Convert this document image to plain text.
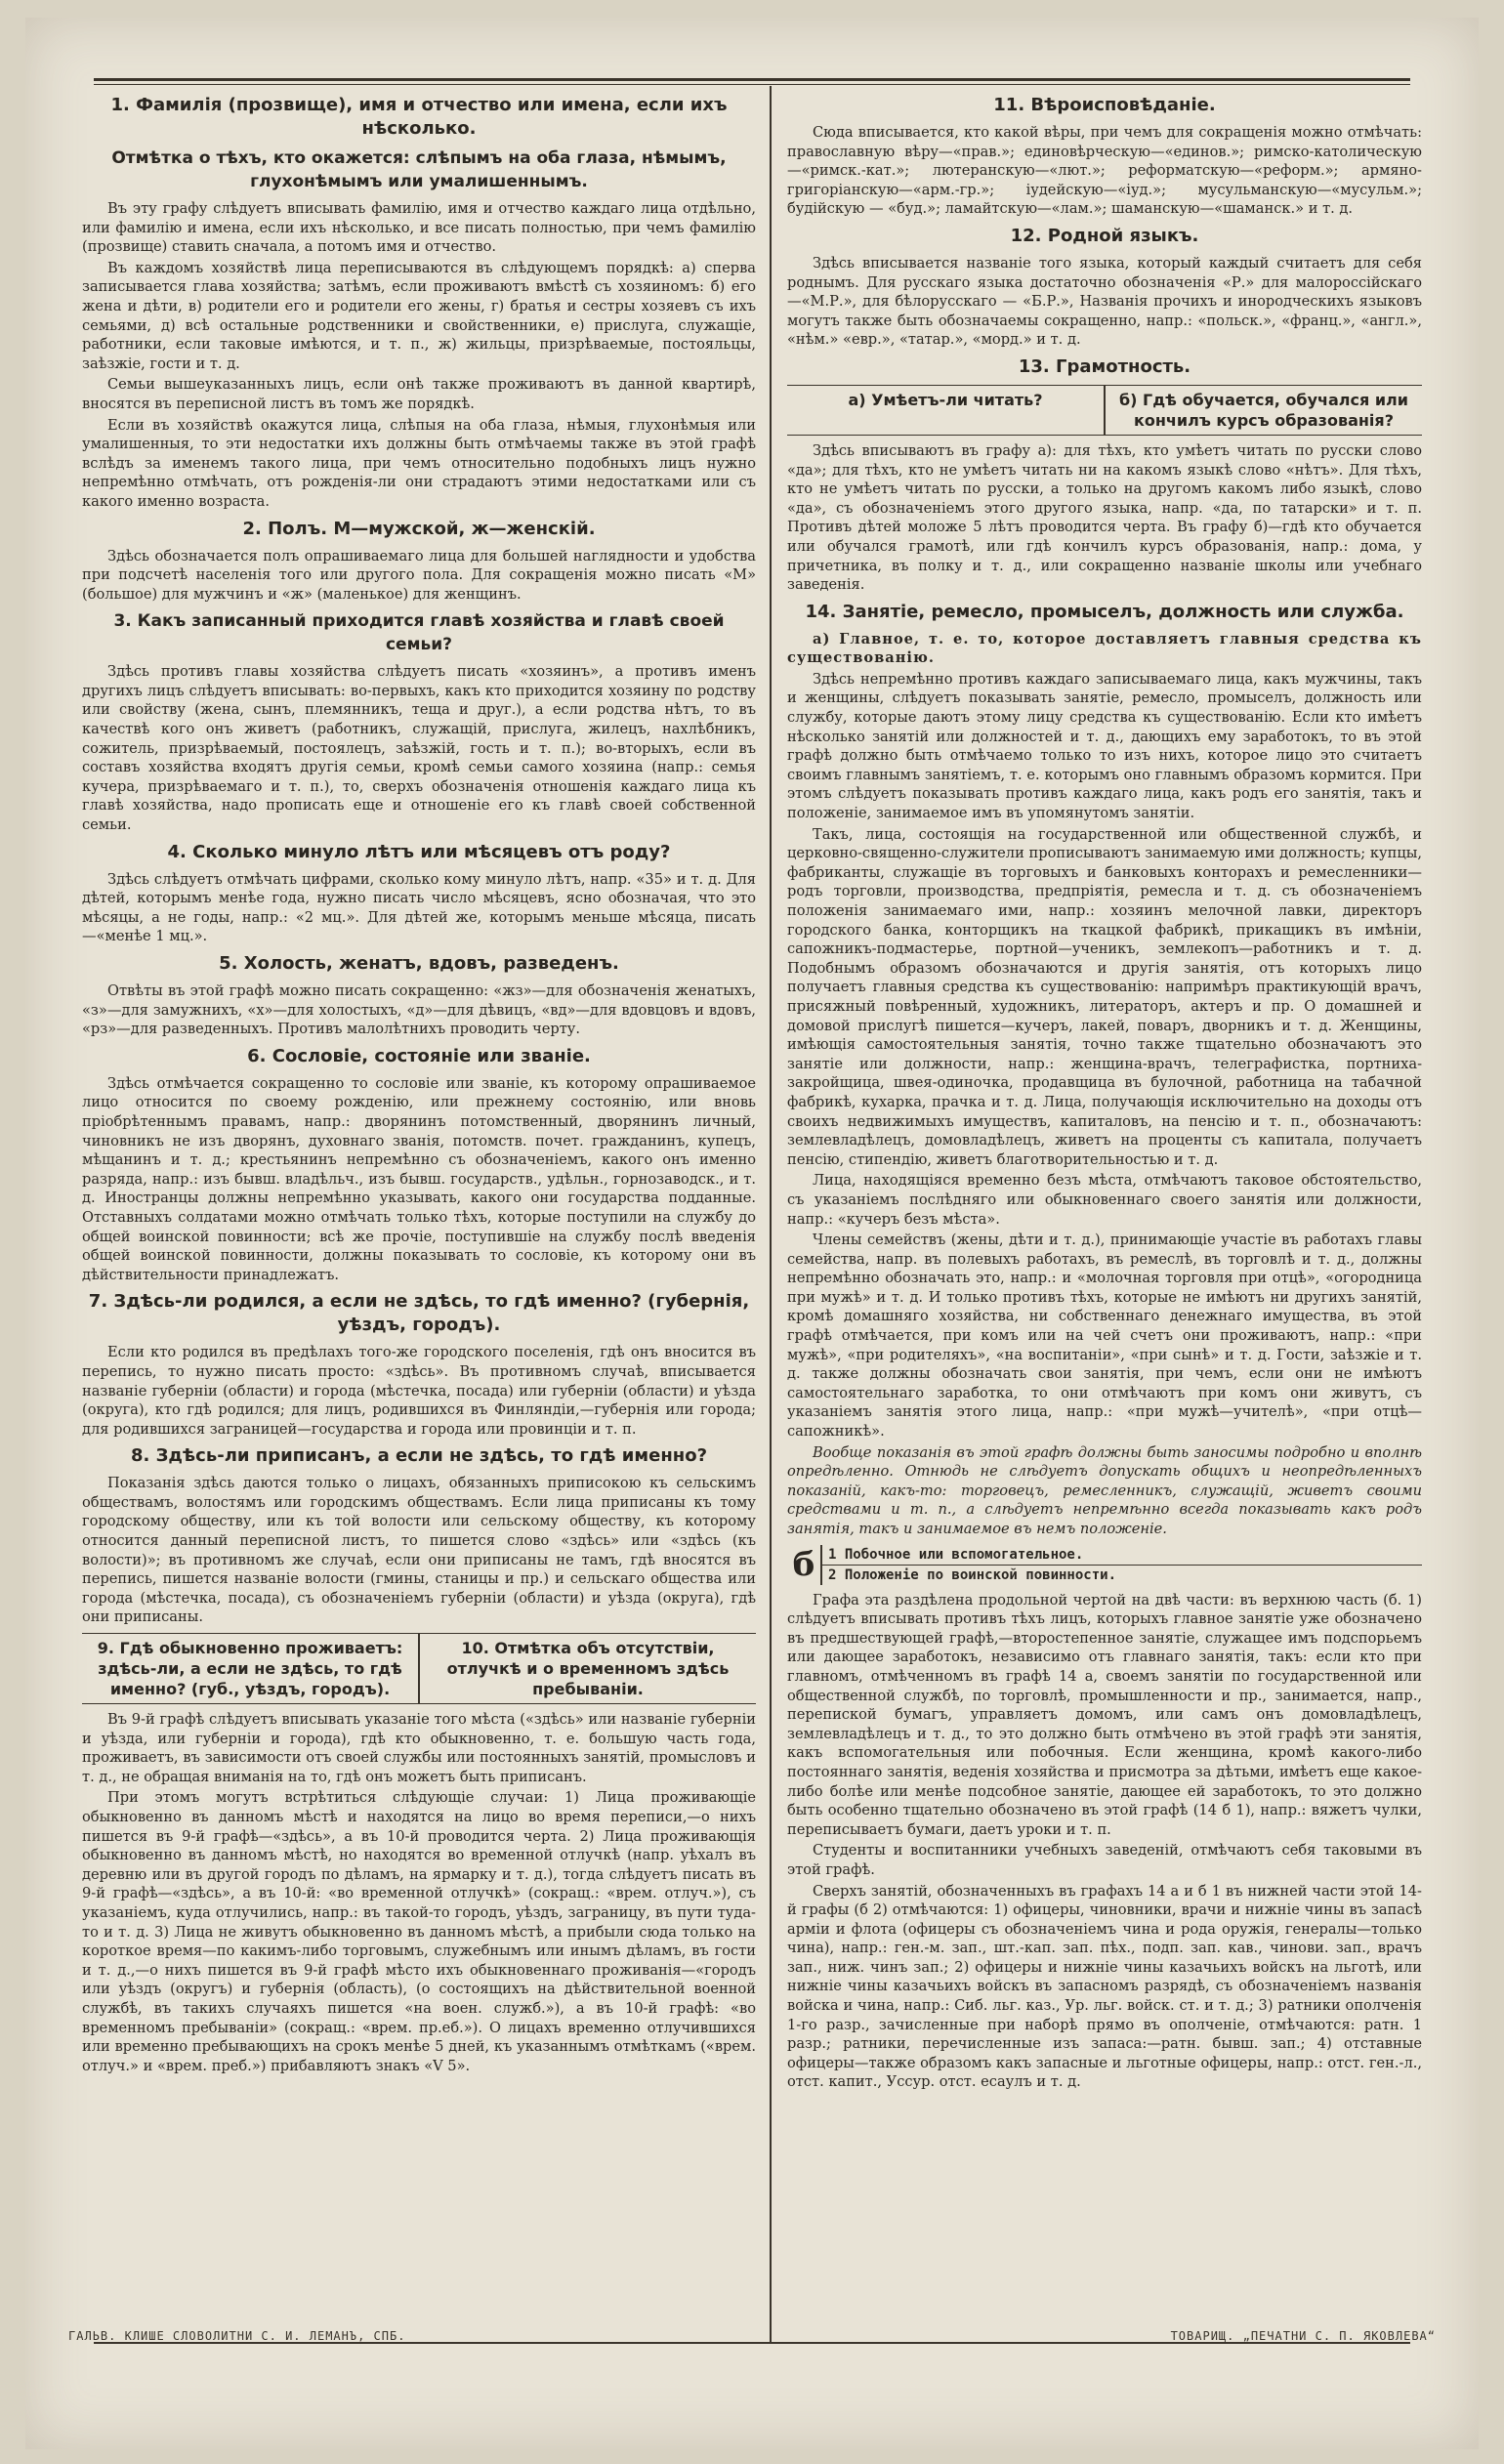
1. Фамилія (прозвище), имя и отчество или имена, если ихъ нѣсколько.
Отмѣтка о тѣхъ, кто окажется: слѣпымъ на оба глаза, нѣмымъ, глухонѣмымъ или умалишеннымъ.

Въ эту графу слѣдуетъ вписывать фамилію, имя и отчество каждаго лица отдѣльно, или фамилію и имена, если ихъ нѣсколько, и все писать полностью, при чемъ фамилію (прозвище) ставить сначала, а потомъ имя и отчество.

Въ каждомъ хозяйствѣ лица переписываются въ слѣдующемъ порядкѣ: а) сперва записывается глава хозяйства; затѣмъ, если проживаютъ вмѣстѣ съ хозяиномъ: б) его жена и дѣти, в) родители его и родители его жены, г) братья и сестры хозяевъ съ ихъ семьями, д) всѣ остальные родственники и свойственники, е) прислуга, служащіе, работники, если таковые имѣются, и т. п., ж) жильцы, призрѣваемые, постояльцы, заѣзжіе, гости и т. д.

Семьи вышеуказанныхъ лицъ, если онѣ также проживаютъ въ данной квартирѣ, вносятся въ переписной листъ въ томъ же порядкѣ.

Если въ хозяйствѣ окажутся лица, слѣпыя на оба глаза, нѣмыя, глухонѣмыя или умалишенныя, то эти недостатки ихъ должны быть отмѣчаемы также въ этой графѣ вслѣдъ за именемъ такого лица, при чемъ относительно подобныхъ лицъ нужно непремѣнно отмѣчать, отъ рожденія-ли они страдаютъ этими недостатками или съ какого именно возраста.

2. Полъ. М—мужской, ж—женскій.

Здѣсь обозначается полъ опрашиваемаго лица для большей наглядности и удобства при подсчетѣ населенія того или другого пола. Для сокращенія можно писать «М» (большое) для мужчинъ и «ж» (маленькое) для женщинъ.

3. Какъ записанный приходится главѣ хозяйства и главѣ своей семьи?

Здѣсь противъ главы хозяйства слѣдуетъ писать «хозяинъ», а противъ именъ другихъ лицъ слѣдуетъ вписывать: во-первыхъ, какъ кто приходится хозяину по родству или свойству (жена, сынъ, племянникъ, теща и друг.), а если родства нѣтъ, то въ качествѣ кого онъ живетъ (работникъ, служащій, прислуга, жилецъ, нахлѣбникъ, сожитель, призрѣваемый, постоялецъ, заѣзжій, гость и т. п.); во-вторыхъ, если въ составъ хозяйства входятъ другія семьи, кромѣ семьи самого хозяина (напр.: семья кучера, призрѣваемаго и т. п.), то, сверхъ обозначенія отношенія каждаго лица къ главѣ хозяйства, надо прописать еще и отношеніе его къ главѣ своей собственной семьи.

4. Сколько минуло лѣтъ или мѣсяцевъ отъ роду?

Здѣсь слѣдуетъ отмѣчать цифрами, сколько кому минуло лѣтъ, напр. «35» и т. д. Для дѣтей, которымъ менѣе года, нужно писать число мѣсяцевъ, ясно обозначая, что это мѣсяцы, а не годы, напр.: «2 мц.». Для дѣтей же, которымъ меньше мѣсяца, писать—«менѣе 1 мц.».

5. Холость, женатъ, вдовъ, разведенъ.

Отвѣты въ этой графѣ можно писать сокращенно: «жз»—для обозначенія женатыхъ, «з»—для замужнихъ, «х»—для холостыхъ, «д»—для дѣвицъ, «вд»—для вдовцовъ и вдовъ, «рз»—для разведенныхъ. Противъ малолѣтнихъ проводить черту.

6. Сословіе, состояніе или званіе.

Здѣсь отмѣчается сокращенно то сословіе или званіе, къ которому опрашиваемое лицо относится по своему рожденію, или прежнему состоянію, или вновь пріобрѣтеннымъ правамъ, напр.: дворянинъ потомственный, дворянинъ личный, чиновникъ не изъ дворянъ, духовнаго званія, потомств. почет. гражданинъ, купецъ, мѣщанинъ и т. д.; крестьянинъ непремѣнно съ обозначеніемъ, какого онъ именно разряда, напр.: изъ бывш. владѣльч., изъ бывш. государств., удѣльн., горнозаводск., и т. д. Иностранцы должны непремѣнно указывать, какого они государства подданные. Отставныхъ солдатами можно отмѣчать только тѣхъ, которые поступили на службу до общей воинской повинности; всѣ же прочіе, поступившіе на службу послѣ введенія общей воинской повинности, должны показывать то сословіе, къ которому они въ дѣйствительности принадлежатъ.

7. Здѣсь-ли родился, а если не здѣсь, то гдѣ именно? (губернія, уѣздъ, городъ).

Если кто родился въ предѣлахъ того-же городского поселенія, гдѣ онъ вносится въ перепись, то нужно писать просто: «здѣсь». Въ противномъ случаѣ, вписывается названіе губерніи (области) и города (мѣстечка, посада) или губерніи (области) и уѣзда (округа), кто гдѣ родился; для лицъ, родившихся въ Финляндіи,—губернія или города; для родившихся заграницей—государства и города или провинціи и т. п.

8. Здѣсь-ли приписанъ, а если не здѣсь, то гдѣ именно?

Показанія здѣсь даются только о лицахъ, обязанныхъ приписокою къ сельскимъ обществамъ, волостямъ или городскимъ обществамъ. Если лица приписаны къ тому городскому обществу, или къ той волости или сельскому обществу, къ которому относится данный переписной листъ, то пишется слово «здѣсь» или «здѣсь (къ волости)»; въ противномъ же случаѣ, если они приписаны не тамъ, гдѣ вносятся въ перепись, пишется названіе волости (гмины, станицы и пр.) и сельскаго общества или города (мѣстечка, посада), съ обозначеніемъ губерніи (области) и уѣзда (округа), гдѣ они приписаны.

9. Гдѣ обыкновенно проживаетъ: здѣсь-ли, а если не здѣсь, то гдѣ именно? (губ., уѣздъ, городъ).
10. Отмѣтка объ отсутствіи, отлучкѣ и о временномъ здѣсь пребываніи.

Въ 9-й графѣ слѣдуетъ вписывать указаніе того мѣста («здѣсь» или названіе губерніи и уѣзда, или губерніи и города), гдѣ кто обыкновенно, т. е. большую часть года, проживаетъ, въ зависимости отъ своей службы или постоянныхъ занятій, промысловъ и т. д., не обращая вниманія на то, гдѣ онъ можетъ быть приписанъ.

При этомъ могутъ встрѣтиться слѣдующіе случаи: 1) Лица проживающіе обыкновенно въ данномъ мѣстѣ и находятся на лицо во время переписи,—о нихъ пишется въ 9-й графѣ—«здѣсь», а въ 10-й проводится черта. 2) Лица проживающія обыкновенно въ данномъ мѣстѣ, но находятся во временной отлучкѣ (напр. уѣхалъ въ деревню или въ другой городъ по дѣламъ, на ярмарку и т. д.), тогда слѣдуетъ писать въ 9-й графѣ—«здѣсь», а въ 10-й: «во временной отлучкѣ» (сокращ.: «врем. отлуч.»), съ указаніемъ, куда отлучились, напр.: въ такой-то городъ, уѣздъ, заграницу, въ пути туда-то и т. д. 3) Лица не живутъ обыкновенно въ данномъ мѣстѣ, а прибыли сюда только на короткое время—по какимъ-либо торговымъ, служебнымъ или инымъ дѣламъ, въ гости и т. д.,—о нихъ пишется въ 9-й графѣ мѣсто ихъ обыкновеннаго проживанія—«городъ или уѣздъ (округъ) и губернія (область), (о состоящихъ на дѣйствительной военной службѣ, въ такихъ случаяхъ пишется «на воен. служб.»), а въ 10-й графѣ: «во временномъ пребываніи» (сокращ.: «врем. пр.еб.»). О лицахъ временно отлучившихся или временно пребывающихъ на срокъ менѣе 5 дней, къ указаннымъ отмѣткамъ («врем. отлуч.» и «врем. преб.») прибавляютъ знакъ «V 5».

11. Вѣроисповѣданіе.

Сюда вписывается, кто какой вѣры, при чемъ для сокращенія можно отмѣчать: православную вѣру—«прав.»; единовѣрческую—«единов.»; римско-католическую—«римск.-кат.»; лютеранскую—«лют.»; реформатскую—«реформ.»; армяно-григоріанскую—«арм.-гр.»; іудейскую—«іуд.»; мусульманскую—«мусульм.»; будійскую — «буд.»; ламайтскую—«лам.»; шаманскую—«шаманск.» и т. д.

12. Родной языкъ.

Здѣсь вписывается названіе того языка, который каждый считаетъ для себя роднымъ. Для русскаго языка достаточно обозначенія «Р.» для малороссійскаго—«М.Р.», для бѣлорусскаго — «Б.Р.», Названія прочихъ и инородческихъ языковъ могутъ также быть обозначаемы сокращенно, напр.: «польск.», «франц.», «англ.», «нѣм.» «евр.», «татар.», «морд.» и т. д.

13. Грамотность.
а) Умѣетъ-ли читать?	б) Гдѣ обучается, обучался или кончилъ курсъ образованія?

Здѣсь вписываютъ въ графу а): для тѣхъ, кто умѣетъ читать по русски слово «да»; для тѣхъ, кто не умѣетъ читать ни на какомъ языкѣ слово «нѣтъ». Для тѣхъ, кто не умѣетъ читать по русски, а только на другомъ какомъ либо языкѣ, слово «да», съ обозначеніемъ этого другого языка, напр. «да, по татарски» и т. п. Противъ дѣтей моложе 5 лѣтъ проводится черта. Въ графу б)—гдѣ кто обучается или обучался грамотѣ, или гдѣ кончилъ курсъ образованія, напр.: дома, у причетника, въ полку и т. д., или сокращенно названіе школы или учебнаго заведенія.

14. Занятіе, ремесло, промыселъ, должность или служба.

а) Главное, т. е. то, которое доставляетъ главныя средства къ существованію.

Здѣсь непремѣнно противъ каждаго записываемаго лица, какъ мужчины, такъ и женщины, слѣдуетъ показывать занятіе, ремесло, промыселъ, должность или службу, которые даютъ этому лицу средства къ существованію. Если кто имѣетъ нѣсколько занятій или должностей и т. д., дающихъ ему заработокъ, то въ этой графѣ должно быть отмѣчаемо только то изъ нихъ, которое лицо это считаетъ своимъ главнымъ занятіемъ, т. е. которымъ оно главнымъ образомъ кормится. При этомъ слѣдуетъ показывать противъ каждаго лица, какъ родъ его занятія, такъ и положеніе, занимаемое имъ въ упомянутомъ занятіи.

Такъ, лица, состоящія на государственной или общественной службѣ, и церковно-священно-служители прописываютъ занимаемую ими должность; купцы, фабриканты, служащіе въ торговыхъ и банковыхъ конторахъ и ремесленники—родъ торговли, производства, предпріятія, ремесла и т. д. съ обозначеніемъ положенія занимаемаго ими, напр.: хозяинъ мелочной лавки, директоръ городского банка, конторщикъ на ткацкой фабрикѣ, прикащикъ въ имѣніи, сапожникъ-подмастерье, портной—ученикъ, землекопъ—работникъ и т. д. Подобнымъ образомъ обозначаются и другія занятія, отъ которыхъ лицо получаетъ главныя средства къ существованію: напримѣръ практикующій врачъ, присяжный повѣренный, художникъ, литераторъ, актеръ и пр. О домашней и домовой прислугѣ пишется—кучеръ, лакей, поваръ, дворникъ и т. д. Женщины, имѣющія самостоятельныя занятія, точно также тщательно обозначаютъ это занятіе или должности, напр.: женщина-врачъ, телеграфистка, портниха-закройщица, швея-одиночка, продавщица въ булочной, работница на табачной фабрикѣ, кухарка, прачка и т. д. Лица, получающія исключительно на доходы отъ своихъ недвижимыхъ имуществъ, капиталовъ, на пенсію и т. п., обозначаютъ: землевладѣлецъ, домовладѣлецъ, живетъ на проценты съ капитала, получаетъ пенсію, стипендію, живетъ благотворительностью и т. д.

Лица, находящіяся временно безъ мѣста, отмѣчаютъ таковое обстоятельство, съ указаніемъ послѣдняго или обыкновеннаго своего занятія или должности, напр.: «кучеръ безъ мѣста».

Члены семействъ (жены, дѣти и т. д.), принимающіе участіе въ работахъ главы семейства, напр. въ полевыхъ работахъ, въ ремеслѣ, въ торговлѣ и т. д., должны непремѣнно обозначать это, напр.: и «молочная торговля при отцѣ», «огородница при мужѣ» и т. д. И только противъ тѣхъ, которые не имѣютъ ни другихъ занятій, кромѣ домашняго хозяйства, ни собственнаго денежнаго имущества, въ этой графѣ отмѣчается, при комъ или на чей счетъ они проживаютъ, напр.: «при мужѣ», «при родителяхъ», «на воспитаніи», «при сынѣ» и т. д. Гости, заѣзжіе и т. д. также должны обозначать свои занятія, при чемъ, если они не имѣютъ самостоятельнаго заработка, то они отмѣчаютъ при комъ они живутъ, съ указаніемъ занятія этого лица, напр.: «при мужѣ—учителѣ», «при отцѣ—сапожникѣ».

Вообще показанія въ этой графѣ должны быть заносимы подробно и вполнѣ опредѣленно. Отнюдь не слѣдуетъ допускать общихъ и неопредѣленныхъ показаній, какъ-то: торговецъ, ремесленникъ, служащій, живетъ своими средствами и т. п., а слѣдуетъ непремѣнно всегда показывать какъ родъ занятія, такъ и занимаемое въ немъ положеніе.

б 1 Побочное или вспомогательное.
2 Положеніе по воинской повинности.

Графа эта раздѣлена продольной чертой на двѣ части: въ верхнюю часть (б. 1) слѣдуетъ вписывать противъ тѣхъ лицъ, которыхъ главное занятіе уже обозначено въ предшествующей графѣ,—второстепенное занятіе, служащее имъ подспорьемъ или дающее заработокъ, независимо отъ главнаго занятія, такъ: если кто при главномъ, отмѣченномъ въ графѣ 14 а, своемъ занятіи по государственной или общественной службѣ, по торговлѣ, промышленности и пр., занимается, напр., перепиской бумагъ, управляетъ домомъ, или самъ онъ домовладѣлецъ, землевладѣлецъ и т. д., то это должно быть отмѣчено въ этой графѣ эти занятія, какъ вспомогательныя или побочныя. Если женщина, кромѣ какого-либо постояннаго занятія, веденія хозяйства и присмотра за дѣтьми, имѣетъ еще какое-либо болѣе или менѣе подсобное занятіе, дающее ей заработокъ, то это должно быть особенно тщательно обозначено въ этой графѣ (14 б 1), напр.: вяжетъ чулки, переписываетъ бумаги, даетъ уроки и т. п.

Студенты и воспитанники учебныхъ заведеній, отмѣчаютъ себя таковыми въ этой графѣ.

Сверхъ занятій, обозначенныхъ въ графахъ 14 а и б 1 въ нижней части этой 14-й графы (б 2) отмѣчаются: 1) офицеры, чиновники, врачи и нижніе чины въ запасѣ арміи и флота (офицеры съ обозначеніемъ чина и рода оружія, генералы—только чина), напр.: ген.-м. зап., шт.-кап. зап. пѣх., подп. зап. кав., чинови. зап., врачъ зап., ниж. чинъ зап.; 2) офицеры и нижніе чины казачьихъ войскъ на льготѣ, или нижніе чины казачьихъ войскъ въ запасномъ разрядѣ, съ обозначеніемъ названія войска и чина, напр.: Сиб. льг. каз., Ур. льг. войск. ст. и т. д.; 3) ратники ополченія 1-го разр., зачисленные при наборѣ прямо въ ополченіе, отмѣчаются: ратн. 1 разр.; ратники, перечисленные изъ запаса:—ратн. бывш. зап.; 4) отставные офицеры—также образомъ какъ запасные и льготные офицеры, напр.: отст. ген.-л., отст. капит., Уссур. отст. есаулъ и т. д.

ГАЛЬВ. КЛИШЕ СЛОВОЛИТНИ С. И. ЛЕМАНЪ, СПБ.	ТОВАРИЩ. „ПЕЧАТНИ С. П. ЯКОВЛЕВА“
